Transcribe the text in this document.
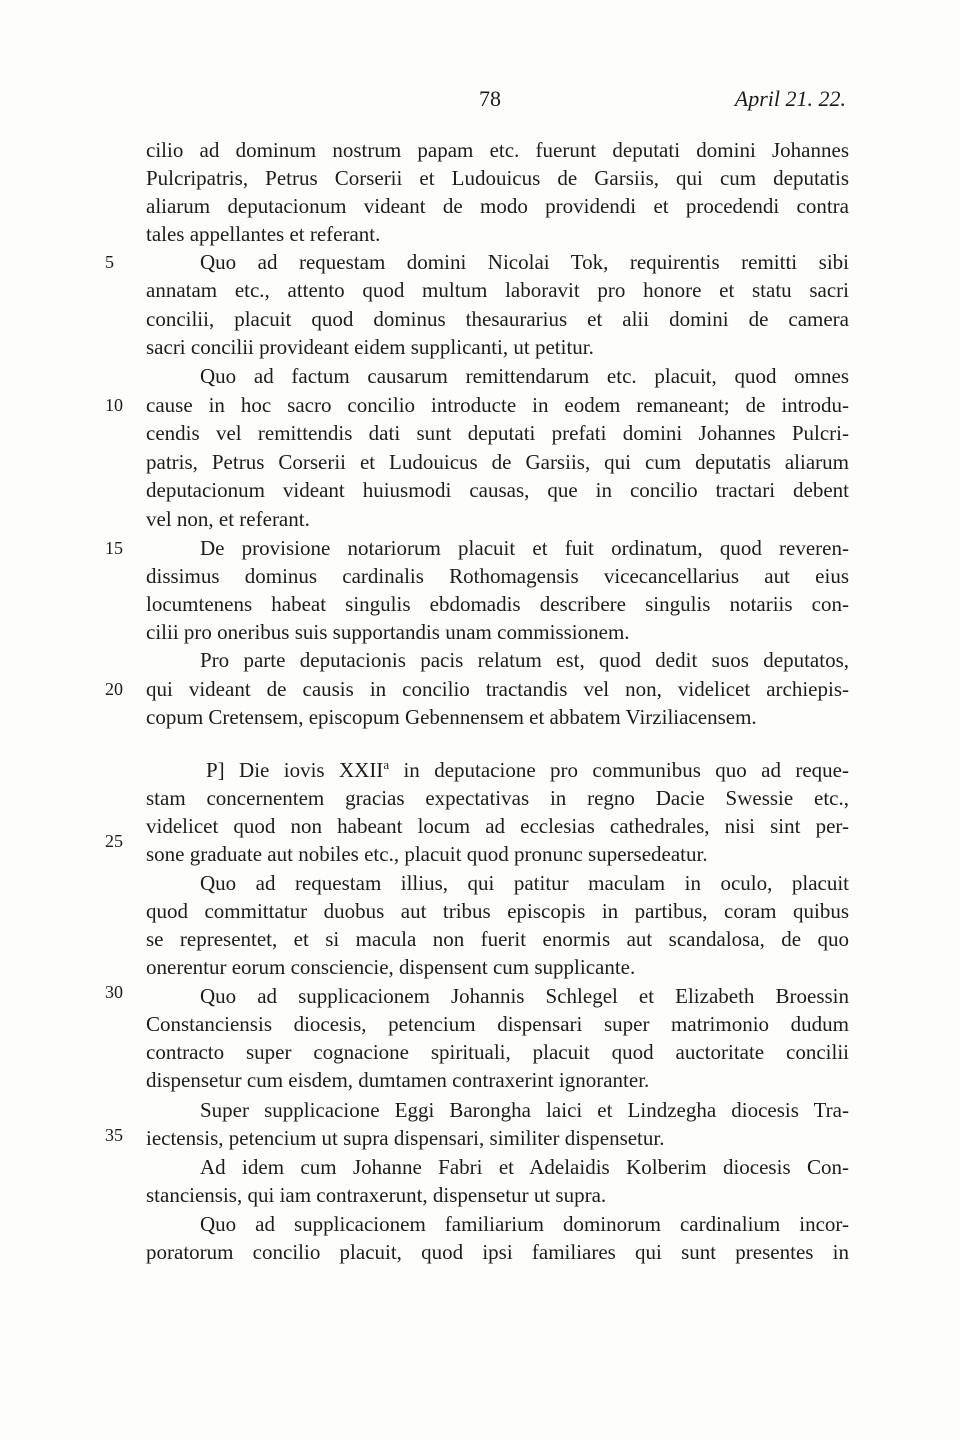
78	April 21. 22.
5
10
15
20
25
30
35
cilio ad dominum nostrum papam etc. fuerunt deputati domini Johannes
Pulcripatris, Petrus Corserii et Ludouicus de Garsiis, qui cum deputatis
aliarum deputacionum videant de modo providendi et procedendi contra
tales appellantes et referant.
Quo ad requestam domini Nicolai Tok, requirentis remitti sibi
annatam etc., attento quod multum laboravit pro honore et statu sacri
concilii, placuit quod dominus thesaurarius et alii domini de camera
sacri concilii provideant eidem supplicanti, ut petitur.
Quo ad factum causarum remittendarum etc. placuit, quod omnes
cause in hoc sacro concilio introducte in eodem remaneant; de introdu-
cendis vel remittendis dati sunt deputati prefati domini Johannes Pulcri-
patris, Petrus Corserii et Ludouicus de Garsiis, qui cum deputatis aliarum
deputacionum videant huiusmodi causas, que in concilio tractari debent
vel non, et referant.
De provisione notariorum placuit et fuit ordinatum, quod reveren-
dissimus dominus cardinalis Rothomagensis vicecancellarius aut eius
locumtenens habeat singulis ebdomadis describere singulis notariis con-
cilii pro oneribus suis supportandis unam commissionem.
Pro parte deputacionis pacis relatum est, quod dedit suos deputatos,
qui videant de causis in concilio tractandis vel non, videlicet archiepis-
copum Cretensem, episcopum Gebennensem et abbatem Virziliacensem.
P] Die iovis XXII$^a$ in deputacione pro communibus quo ad reque-
stam concernentem gracias expectativas in regno Dacie Swessie etc.,
videlicet quod non habeant locum ad ecclesias cathedrales, nisi sint per-
sone graduate aut nobiles etc., placuit quod pronunc supersedeatur.
Quo ad requestam illius, qui patitur maculam in oculo, placuit
quod committatur duobus aut tribus episcopis in partibus, coram quibus
se representet, et si macula non fuerit enormis aut scandalosa, de quo
onerentur eorum consciencie, dispensent cum supplicante.
Quo ad supplicacionem Johannis Schlegel et Elizabeth Broessin
Constanciensis diocesis, petencium dispensari super matrimonio dudum
contracto super cognacione spirituali, placuit quod auctoritate concilii
dispensetur cum eisdem, dumtamen contraxerint ignoranter.
Super supplicacione Eggi Barongha laici et Lindzegha diocesis Tra-
iectensis, petencium ut supra dispensari, similiter dispensetur.
Ad idem cum Johanne Fabri et Adelaidis Kolberim diocesis Con-
stanciensis, qui iam contraxerunt, dispensetur ut supra.
Quo ad supplicacionem familiarium dominorum cardinalium incor-
poratorum concilio placuit, quod ipsi familiares qui sunt presentes in
